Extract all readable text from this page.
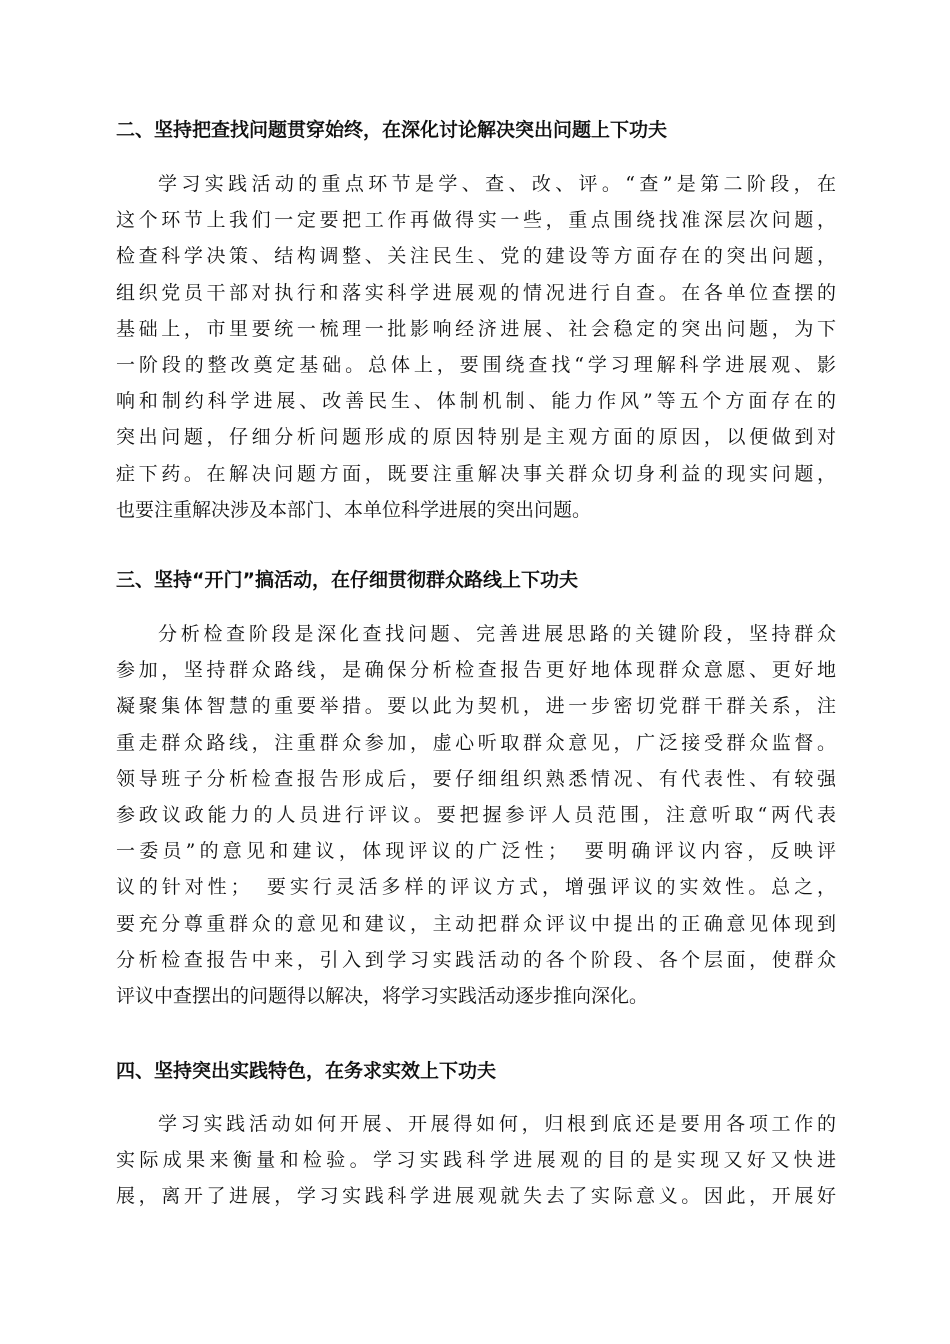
二、坚持把查找问题贯穿始终，在深化讨论解决突出问题上下功夫

学习实践活动的重点环节是学、查、改、评。“查”是第二阶段，在
这个环节上我们一定要把工作再做得实一些，重点围绕找准深层次问题，
检查科学决策、结构调整、关注民生、党的建设等方面存在的突出问题，
组织党员干部对执行和落实科学进展观的情况进行自查。在各单位查摆的
基础上，市里要统一梳理一批影响经济进展、社会稳定的突出问题，为下
一阶段的整改奠定基础。总体上，要围绕查找“学习理解科学进展观、影
响和制约科学进展、改善民生、体制机制、能力作风”等五个方面存在的
突出问题，仔细分析问题形成的原因特别是主观方面的原因，以便做到对
症下药。在解决问题方面，既要注重解决事关群众切身利益的现实问题，
也要注重解决涉及本部门、本单位科学进展的突出问题。

三、坚持“开门”搞活动，在仔细贯彻群众路线上下功夫

分析检查阶段是深化查找问题、完善进展思路的关键阶段，坚持群众
参加，坚持群众路线，是确保分析检查报告更好地体现群众意愿、更好地
凝聚集体智慧的重要举措。要以此为契机，进一步密切党群干群关系，注
重走群众路线，注重群众参加，虚心听取群众意见，广泛接受群众监督。
领导班子分析检查报告形成后，要仔细组织熟悉情况、有代表性、有较强
参政议政能力的人员进行评议。要把握参评人员范围，注意听取“两代表
一委员”的意见和建议，体现评议的广泛性；　要明确评议内容，反映评
议的针对性；　要实行灵活多样的评议方式，增强评议的实效性。总之，
要充分尊重群众的意见和建议，主动把群众评议中提出的正确意见体现到
分析检查报告中来，引入到学习实践活动的各个阶段、各个层面，使群众
评议中查摆出的问题得以解决，将学习实践活动逐步推向深化。

四、坚持突出实践特色，在务求实效上下功夫

学习实践活动如何开展、开展得如何，归根到底还是要用各项工作的
实际成果来衡量和检验。学习实践科学进展观的目的是实现又好又快进
展，离开了进展，学习实践科学进展观就失去了实际意义。因此，开展好
